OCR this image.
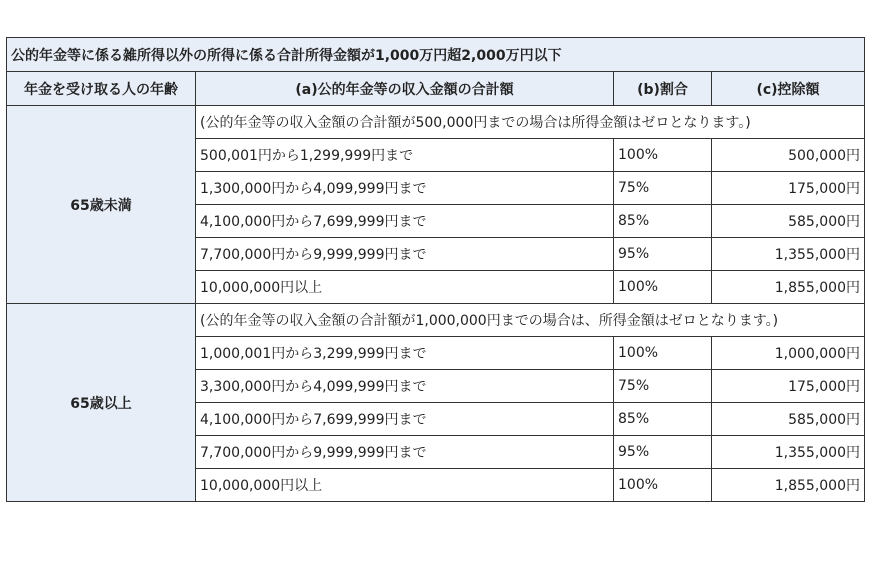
公的年金等に係る雑所得以外の所得に係る合計所得金額が1,000万円超2,000万円以下			
年金を受け取る人の年齢	(a)公的年金等の収入金額の合計額	(b)割合	(c)控除額
65歳未満	(公的年金等の収入金額の合計額が500,000円までの場合は所得金額はゼロとなります。)		
	500,001円から1,299,999円まで	100%	500,000円
	1,300,000円から4,099,999円まで	75%	175,000円
	4,100,000円から7,699,999円まで	85%	585,000円
	7,700,000円から9,999,999円まで	95%	1,355,000円
	10,000,000円以上	100%	1,855,000円
65歳以上	(公的年金等の収入金額の合計額が1,000,000円までの場合は、所得金額はゼロとなります。)		
	1,000,001円から3,299,999円まで	100%	1,000,000円
	3,300,000円から4,099,999円まで	75%	175,000円
	4,100,000円から7,699,999円まで	85%	585,000円
	7,700,000円から9,999,999円まで	95%	1,355,000円
	10,000,000円以上	100%	1,855,000円
